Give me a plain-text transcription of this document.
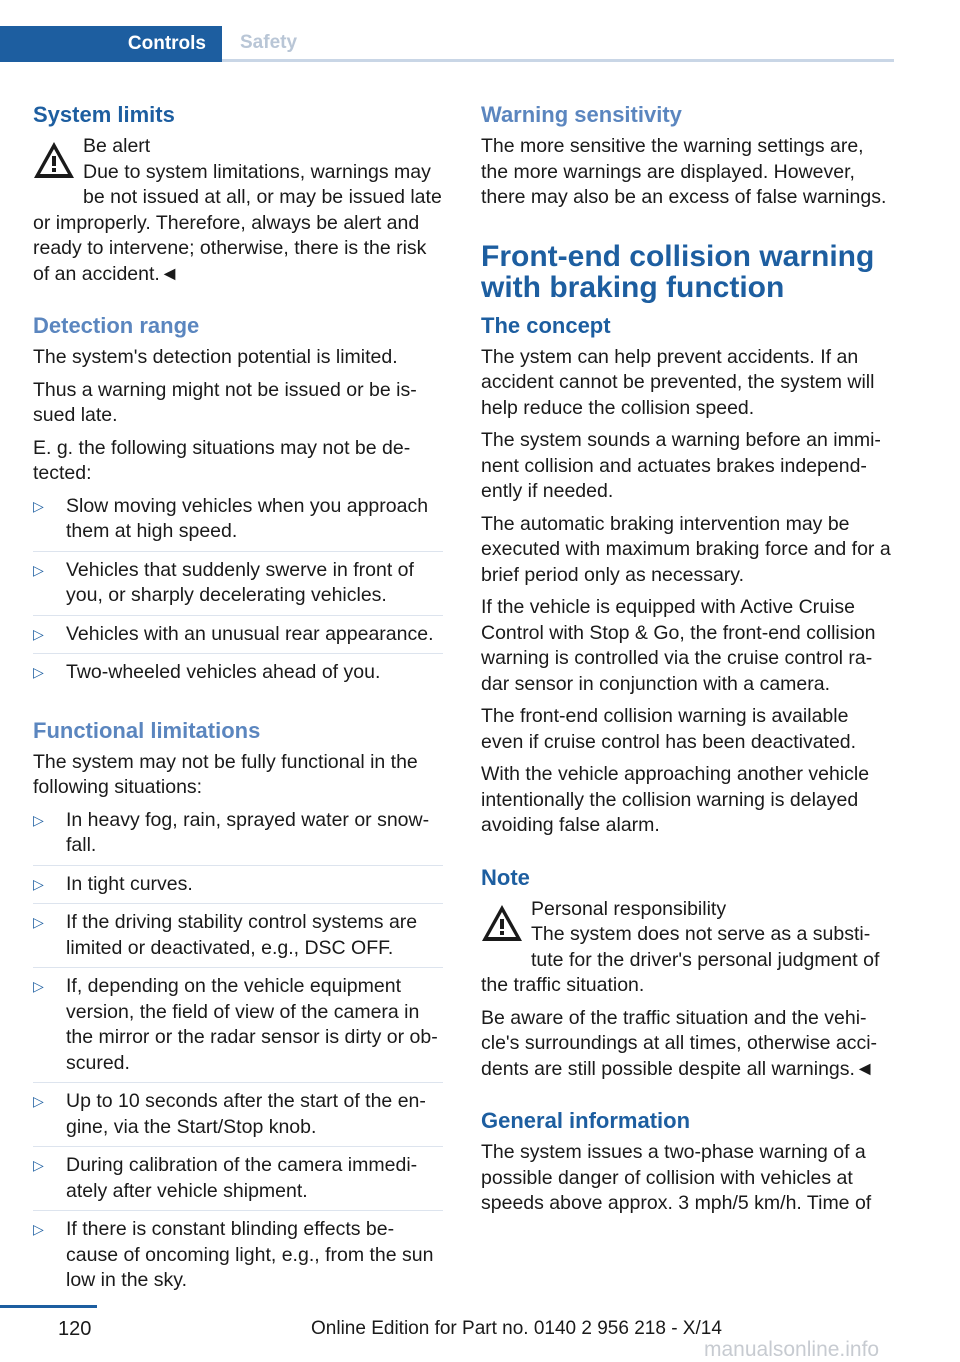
Controls	Safety
System limits
Be alert
Due to system limitations, warnings may be not issued at all, or may be issued late or improperly. Therefore, always be alert and ready to intervene; otherwise, there is the risk of an accident.◄
Detection range

The system's detection potential is limited.

Thus a warning might not be issued or be is‐ sued late.

E. g. the following situations may not be de‐ tected:

▷ Slow moving vehicles when you approach them at high speed.
▷ Vehicles that suddenly swerve in front of you, or sharply decelerating vehicles.
▷ Vehicles with an unusual rear appearance.
▷ Two-wheeled vehicles ahead of you.
Functional limitations

The system may not be fully functional in the following situations:

▷ In heavy fog, rain, sprayed water or snow‐ fall.
▷ In tight curves.
▷ If the driving stability control systems are limited or deactivated, e.g., DSC OFF.
▷ If, depending on the vehicle equipment version, the field of view of the camera in the mirror or the radar sensor is dirty or ob‐ scured.
▷ Up to 10 seconds after the start of the en‐ gine, via the Start/Stop knob.
▷ During calibration of the camera immedi‐ ately after vehicle shipment.
▷ If there is constant blinding effects be‐ cause of oncoming light, e.g., from the sun low in the sky.
Warning sensitivity

The more sensitive the warning settings are, the more warnings are displayed. However, there may also be an excess of false warnings.

Front-end collision warning with braking function
The concept

The ystem can help prevent accidents. If an accident cannot be prevented, the system will help reduce the collision speed.

The system sounds a warning before an immi‐ nent collision and actuates brakes independ‐ ently if needed.

The automatic braking intervention may be executed with maximum braking force and for a brief period only as necessary.

If the vehicle is equipped with Active Cruise Control with Stop & Go, the front-end collision warning is controlled via the cruise control ra‐ dar sensor in conjunction with a camera.

The front-end collision warning is available even if cruise control has been deactivated.

With the vehicle approaching another vehicle intentionally the collision warning is delayed avoiding false alarm.

Note
Personal responsibility
The system does not serve as a substi‐ tute for the driver's personal judgment of the traffic situation.

Be aware of the traffic situation and the vehi‐ cle's surroundings at all times, otherwise acci‐ dents are still possible despite all warnings.◄

General information

The system issues a two-phase warning of a possible danger of collision with vehicles at speeds above approx. 3 mph/5 km/h. Time of

120	Online Edition for Part no. 0140 2 956 218 - X/14
manualsonline.info
